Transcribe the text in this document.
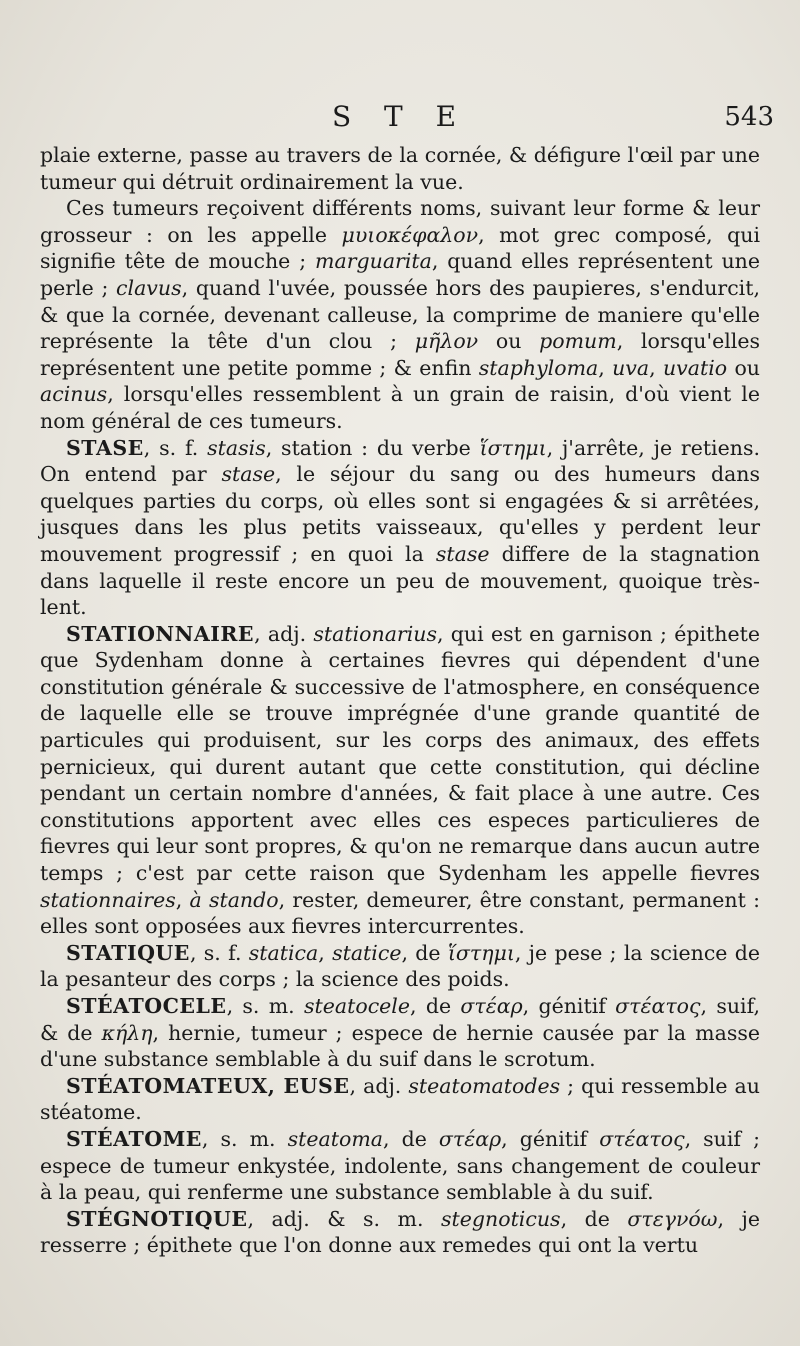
S T E	543

plaie externe, passe au travers de la cornée, & défigure l'œil par une tumeur qui détruit ordinairement la vue.

Ces tumeurs reçoivent différents noms, suivant leur forme & leur grosseur : on les appelle μυιοκέφαλον, mot grec composé, qui signifie tête de mouche ; marguarita, quand elles représentent une perle ; clavus, quand l'uvée, poussée hors des paupieres, s'endurcit, & que la cornée, devenant calleuse, la comprime de maniere qu'elle représente la tête d'un clou ; μῆλον ou pomum, lorsqu'elles représentent une petite pomme ; & enfin staphyloma, uva, uvatio ou acinus, lorsqu'elles ressemblent à un grain de raisin, d'où vient le nom général de ces tumeurs.

STASE, s. f. stasis, station : du verbe ἵστημι, j'arrête, je retiens. On entend par stase, le séjour du sang ou des humeurs dans quelques parties du corps, où elles sont si engagées & si arrêtées, jusques dans les plus petits vaisseaux, qu'elles y perdent leur mouvement progressif ; en quoi la stase differe de la stagnation dans laquelle il reste encore un peu de mouvement, quoique très-lent.

STATIONNAIRE, adj. stationarius, qui est en garnison ; épithete que Sydenham donne à certaines fievres qui dépendent d'une constitution générale & successive de l'atmosphere, en conséquence de laquelle elle se trouve imprégnée d'une grande quantité de particules qui produisent, sur les corps des animaux, des effets pernicieux, qui durent autant que cette constitution, qui décline pendant un certain nombre d'années, & fait place à une autre. Ces constitutions apportent avec elles ces especes particulieres de fievres qui leur sont propres, & qu'on ne remarque dans aucun autre temps ; c'est par cette raison que Sydenham les appelle fievres stationnaires, à stando, rester, demeurer, être constant, permanent : elles sont opposées aux fievres intercurrentes.

STATIQUE, s. f. statica, statice, de ἵστημι, je pese ; la science de la pesanteur des corps ; la science des poids.

STÉATOCELE, s. m. steatocele, de στέαρ, génitif στέατος, suif, & de κήλη, hernie, tumeur ; espece de hernie causée par la masse d'une substance semblable à du suif dans le scrotum.

STÉATOMATEUX, EUSE, adj. steatomatodes ; qui ressemble au stéatome.

STÉATOME, s. m. steatoma, de στέαρ, génitif στέατος, suif ; espece de tumeur enkystée, indolente, sans changement de couleur à la peau, qui renferme une substance semblable à du suif.

STÉGNOTIQUE, adj. & s. m. stegnoticus, de στεγνόω, je resserre ; épithete que l'on donne aux remedes qui ont la vertu
